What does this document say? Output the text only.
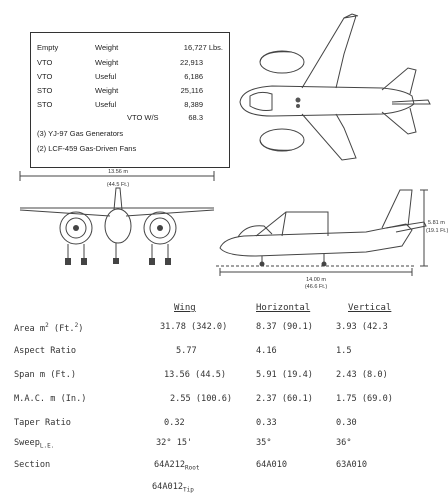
Empty	Weight	16,727 Lbs.
VTO	Weight	22,913
VTO	Useful	6,186
STO	Weight	25,116
STO	Useful	8,389
VTO W/S	68.3
(3) YJ-97 Gas Generators
(2) LCF-459 Gas-Driven Fans
13.56 m
(44.5 Ft.)
5.81 m
(19.1 Ft.)
14.00 m
(46.6 Ft.)
Wing	Horizontal	Vertical
Area $m^2$ (Ft.$^2$)	31.78 (342.0)	8.37 (90.1)	3.93 (42.3
Aspect Ratio	5.77	4.16	1.5
Span m (Ft.)	13.56 (44.5)	5.91 (19.4)	2.43 (8.0)
M.A.C. m (In.)	2.55 (100.6)	2.37 (60.1)	1.75 (69.0)
Taper Ratio	0.32	0.33	0.30
Sweep$_{L.E.}$	32° 15'	35°	36°
Section	$64A212_{Root}$	64A010	63A010
$64A012_{Tip}$
